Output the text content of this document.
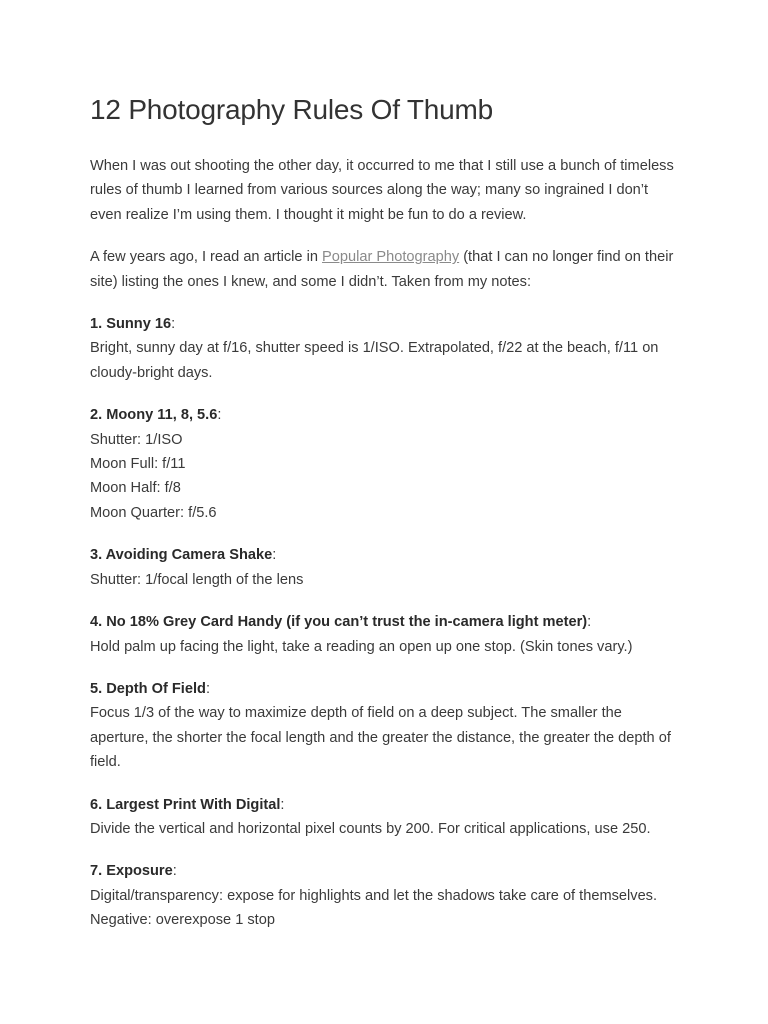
12 Photography Rules Of Thumb

When I was out shooting the other day, it occurred to me that I still use a bunch of timeless rules of thumb I learned from various sources along the way; many so ingrained I don’t even realize I’m using them. I thought it might be fun to do a review.

A few years ago, I read an article in Popular Photography (that I can no longer find on their site) listing the ones I knew, and some I didn’t. Taken from my notes:

1. Sunny 16:
Bright, sunny day at f/16, shutter speed is 1/ISO. Extrapolated, f/22 at the beach, f/11 on cloudy-bright days.
2. Moony 11, 8, 5.6:
Shutter: 1/ISO
Moon Full: f/11
Moon Half: f/8
Moon Quarter: f/5.6
3. Avoiding Camera Shake:
Shutter: 1/focal length of the lens
4. No 18% Grey Card Handy (if you can’t trust the in-camera light meter):
Hold palm up facing the light, take a reading an open up one stop. (Skin tones vary.)
5. Depth Of Field:
Focus 1/3 of the way to maximize depth of field on a deep subject. The smaller the aperture, the shorter the focal length and the greater the distance, the greater the depth of field.
6. Largest Print With Digital:
Divide the vertical and horizontal pixel counts by 200. For critical applications, use 250.
7. Exposure:
Digital/transparency: expose for highlights and let the shadows take care of themselves.
Negative: overexpose 1 stop
